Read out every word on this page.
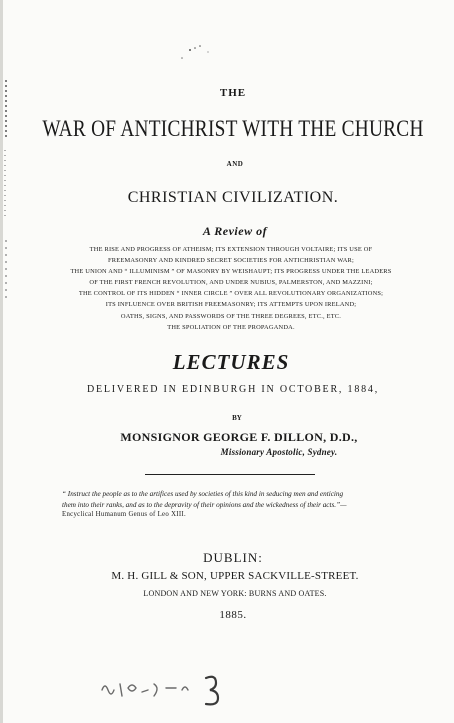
THE
WAR OF ANTICHRIST WITH THE CHURCH
AND
CHRISTIAN CIVILIZATION.
A Review of
THE RISE AND PROGRESS OF ATHEISM; ITS EXTENSION THROUGH VOLTAIRE; ITS USE OF
FREEMASONRY AND KINDRED SECRET SOCIETIES FOR ANTICHRISTIAN WAR;
THE UNION AND “ ILLUMINISM ” OF MASONRY BY WEISHAUPT; ITS PROGRESS UNDER THE LEADERS
OF THE FIRST FRENCH REVOLUTION, AND UNDER NUBIUS, PALMERSTON, AND MAZZINI;
THE CONTROL OF ITS HIDDEN “ INNER CIRCLE ” OVER ALL REVOLUTIONARY ORGANIZATIONS;
ITS INFLUENCE OVER BRITISH FREEMASONRY; ITS ATTEMPTS UPON IRELAND;
OATHS, SIGNS, AND PASSWORDS OF THE THREE DEGREES, ETC., ETC.
THE SPOLIATION OF THE PROPAGANDA.
LECTURES
DELIVERED IN EDINBURGH IN OCTOBER, 1884,
BY
MONSIGNOR GEORGE F. DILLON, D.D.,
Missionary Apostolic, Sydney.
“ Instruct the people as to the artifices used by societies of this kind in seducing men and enticing
them into their ranks, and as to the depravity of their opinions and the wickedness of their acts.”—
Encyclical Humanum Genus of Leo XIII.
DUBLIN:
M. H. GILL & SON, UPPER SACKVILLE-STREET.
LONDON AND NEW YORK: BURNS AND OATES.
1885.
